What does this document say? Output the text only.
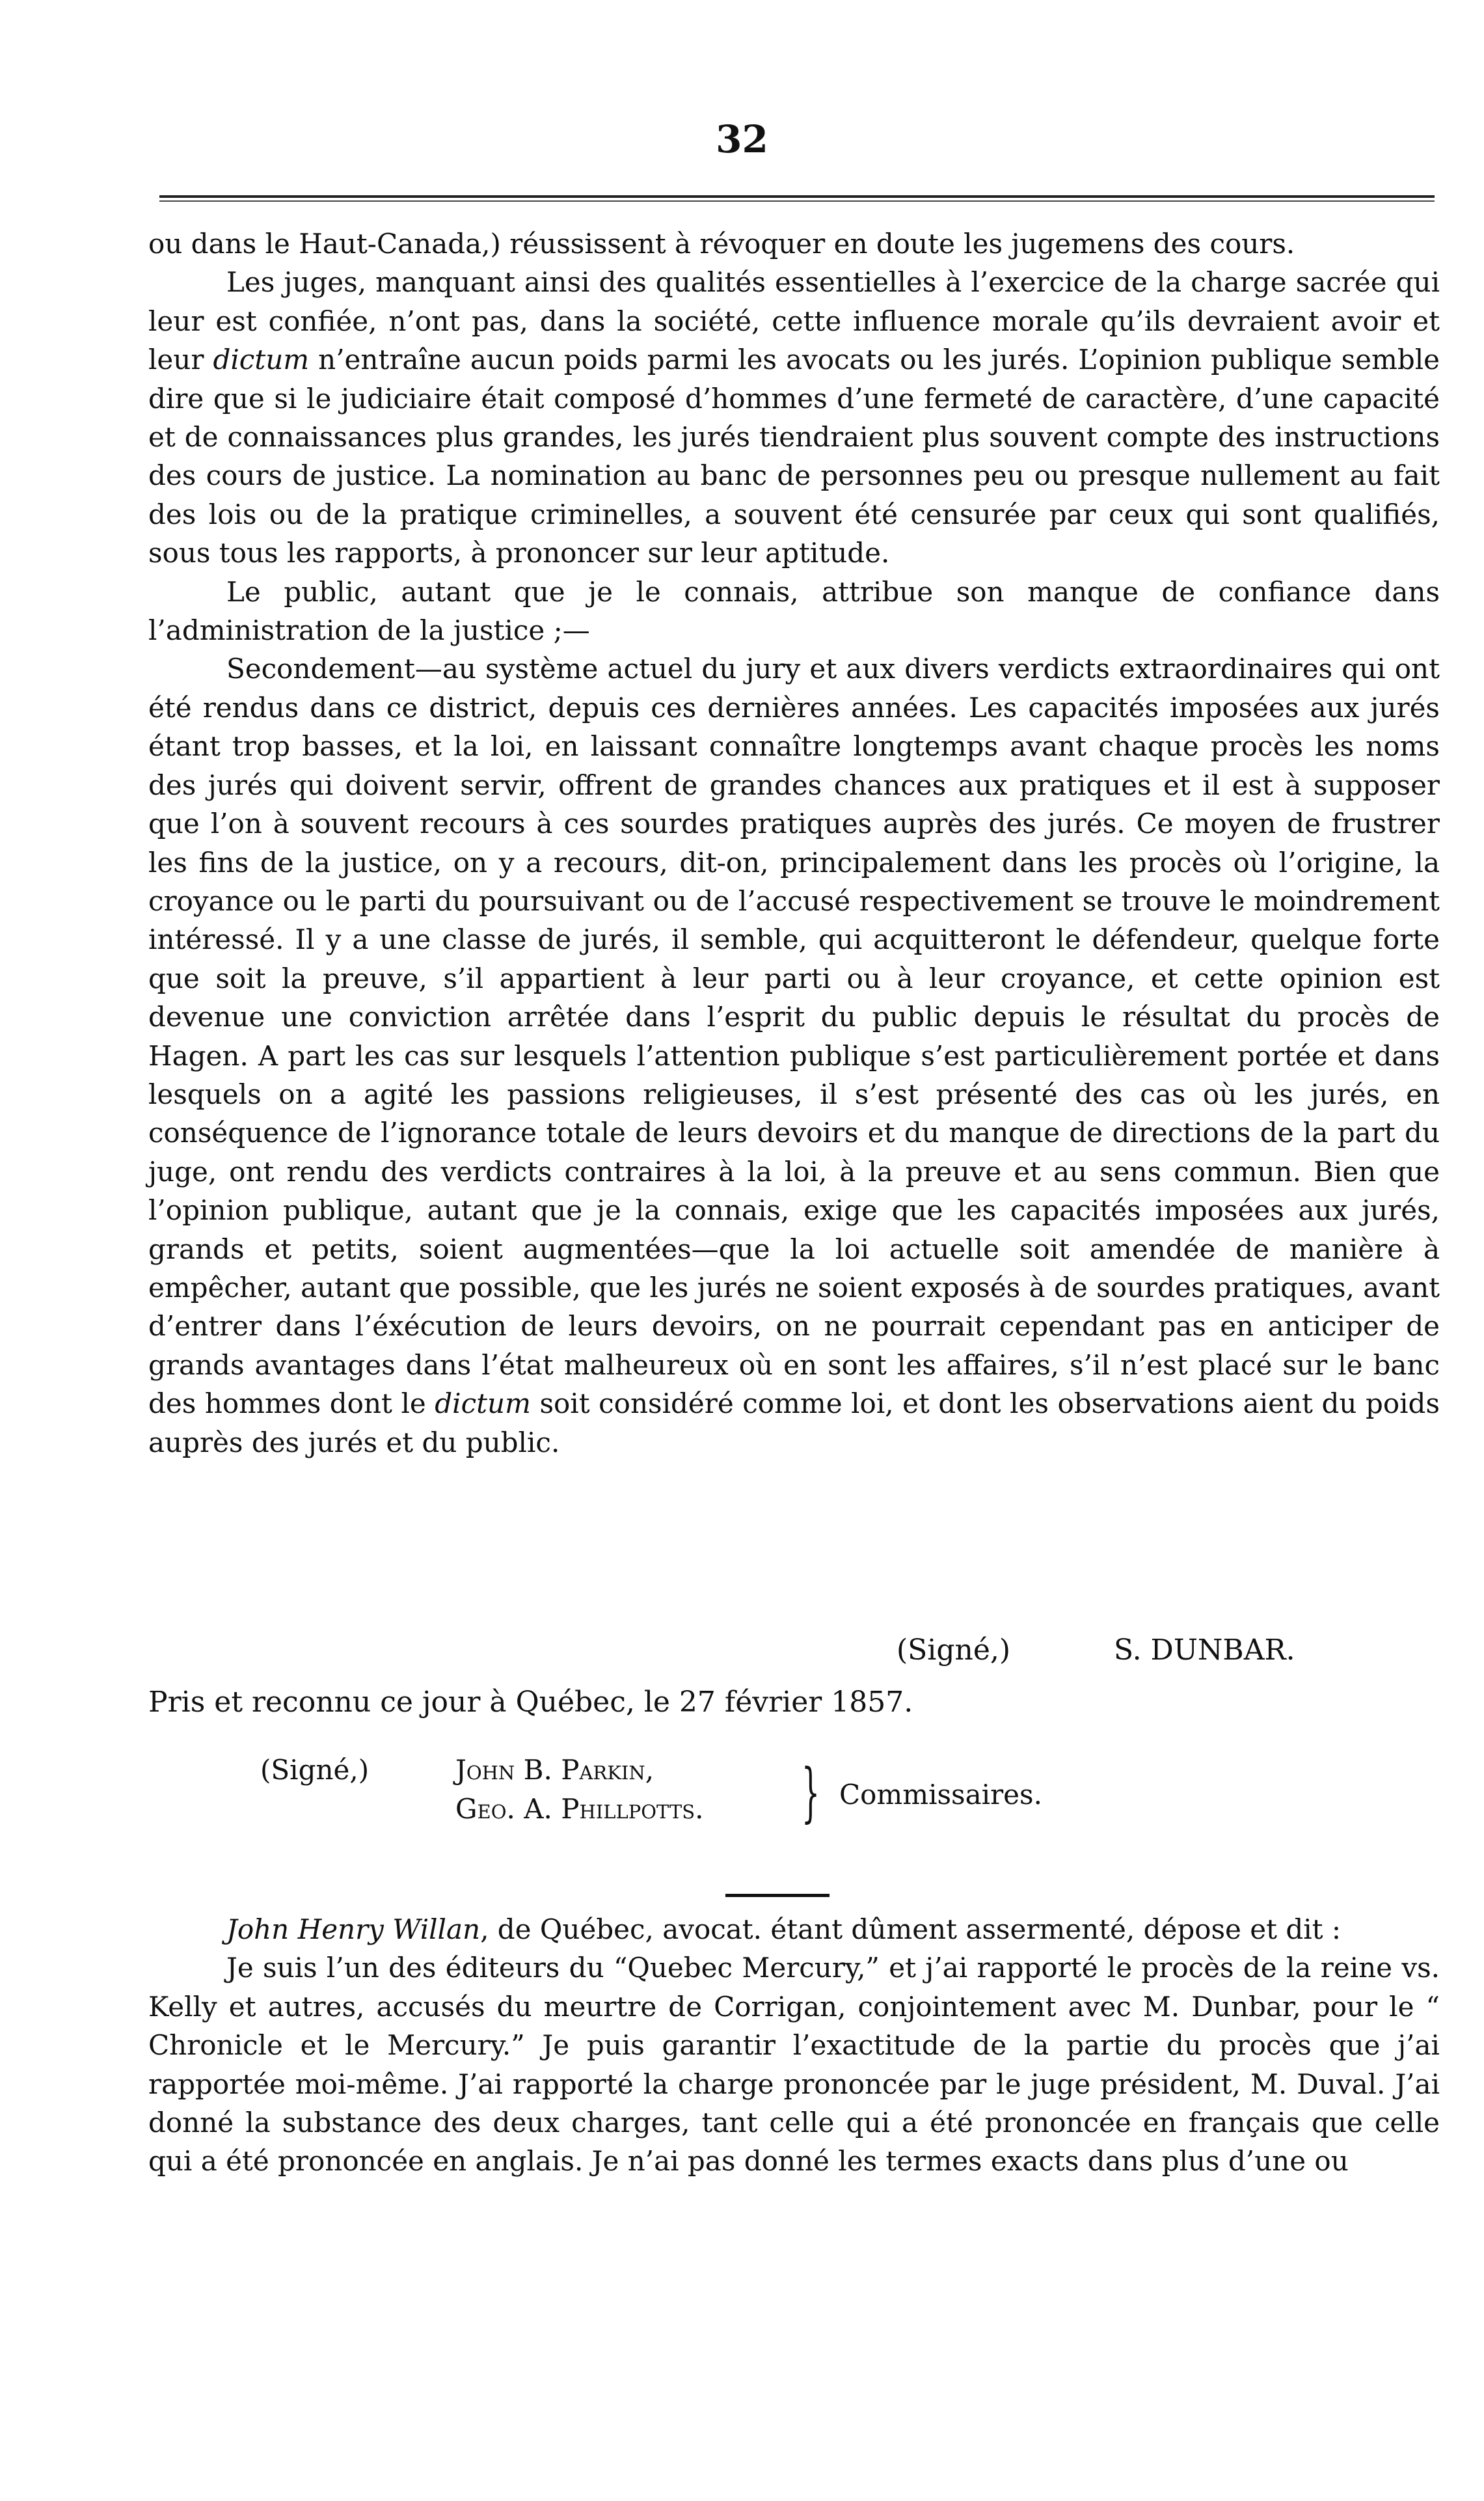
32

ou dans le Haut-Canada,) réussissent à révoquer en doute les jugemens des cours.

Les juges, manquant ainsi des qualités essentielles à l’exercice de la charge sacrée qui leur est confiée, n’ont pas, dans la société, cette influence morale qu’ils devraient avoir et leur dictum n’entraîne aucun poids parmi les avocats ou les jurés. L’opinion publique semble dire que si le judiciaire était composé d’hommes d’une fermeté de caractère, d’une capacité et de connaissances plus grandes, les jurés tiendraient plus souvent compte des instructions des cours de justice. La nomination au banc de personnes peu ou presque nullement au fait des lois ou de la pratique criminelles, a souvent été censurée par ceux qui sont qualifiés, sous tous les rapports, à prononcer sur leur aptitude.

Le public, autant que je le connais, attribue son manque de confiance dans l’administration de la justice ;—

Secondement—au système actuel du jury et aux divers verdicts extraordinaires qui ont été rendus dans ce district, depuis ces dernières années. Les capacités imposées aux jurés étant trop basses, et la loi, en laissant connaître longtemps avant chaque procès les noms des jurés qui doivent servir, offrent de grandes chances aux pratiques et il est à supposer que l’on à souvent recours à ces sourdes pratiques auprès des jurés. Ce moyen de frustrer les fins de la justice, on y a recours, dit-on, principalement dans les procès où l’origine, la croyance ou le parti du poursuivant ou de l’accusé respectivement se trouve le moindrement intéressé. Il y a une classe de jurés, il semble, qui acquitteront le défendeur, quelque forte que soit la preuve, s’il appartient à leur parti ou à leur croyance, et cette opinion est devenue une conviction arrêtée dans l’esprit du public depuis le résultat du procès de Hagen. A part les cas sur lesquels l’attention publique s’est particulièrement portée et dans lesquels on a agité les passions religieuses, il s’est présenté des cas où les jurés, en conséquence de l’ignorance totale de leurs devoirs et du manque de directions de la part du juge, ont rendu des verdicts contraires à la loi, à la preuve et au sens commun. Bien que l’opinion publique, autant que je la connais, exige que les capacités imposées aux jurés, grands et petits, soient augmentées—que la loi actuelle soit amendée de manière à empêcher, autant que possible, que les jurés ne soient exposés à de sourdes pratiques, avant d’entrer dans l’éxécution de leurs devoirs, on ne pourrait cependant pas en anticiper de grands avantages dans l’état malheureux où en sont les affaires, s’il n’est placé sur le banc des hommes dont le dictum soit considéré comme loi, et dont les observations aient du poids auprès des jurés et du public.

(Signé,)	S. DUNBAR.
Pris et reconnu ce jour à Québec, le 27 février 1857.
(Signé,)	John B. Parkin,
Geo. A. Phillpotts. } Commissaires.

John Henry Willan, de Québec, avocat. étant dûment assermenté, dépose et dit :

Je suis l’un des éditeurs du “Quebec Mercury,” et j’ai rapporté le procès de la reine vs. Kelly et autres, accusés du meurtre de Corrigan, conjointement avec M. Dunbar, pour le “ Chronicle et le Mercury.” Je puis garantir l’exactitude de la partie du procès que j’ai rapportée moi-même. J’ai rapporté la charge prononcée par le juge président, M. Duval. J’ai donné la substance des deux charges, tant celle qui a été prononcée en français que celle qui a été prononcée en anglais. Je n’ai pas donné les termes exacts dans plus d’une ou
